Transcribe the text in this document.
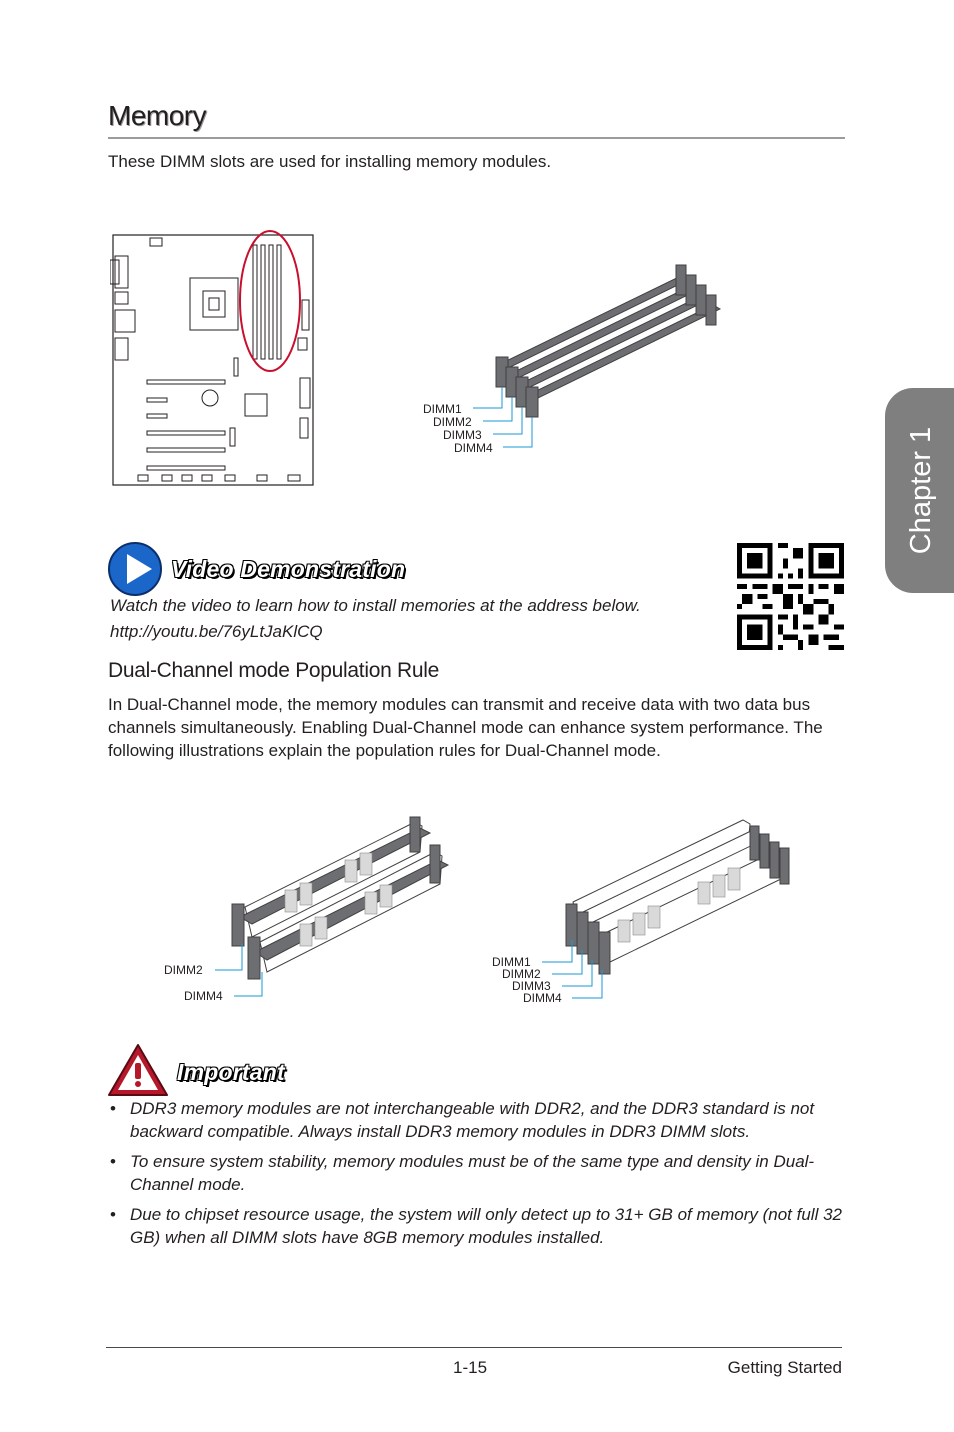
Memory
These DIMM slots are used for installing memory modules.
Chapter 1
DIMM1
DIMM2
DIMM3
DIMM4
Video Demonstration
Watch the video to learn how to install memories at the address below.
http://youtu.be/76yLtJaKlCQ
Dual-Channel mode Population Rule
In Dual-Channel mode, the memory modules can transmit and receive data with two data bus channels simultaneously. Enabling Dual-Channel mode can enhance system performance. The following illustrations explain the population rules for Dual-Channel mode.
DIMM2
DIMM4
DIMM1
DIMM2
DIMM3
DIMM4
Important
• DDR3 memory modules are not interchangeable with DDR2, and the DDR3 standard is not backward compatible. Always install DDR3 memory modules in DDR3 DIMM slots.
• To ensure system stability, memory modules must be of the same type and density in Dual-Channel mode.
• Due to chipset resource usage, the system will only detect up to 31+ GB of memory (not full 32 GB) when all DIMM slots have 8GB memory modules installed.
1-15	Getting Started
